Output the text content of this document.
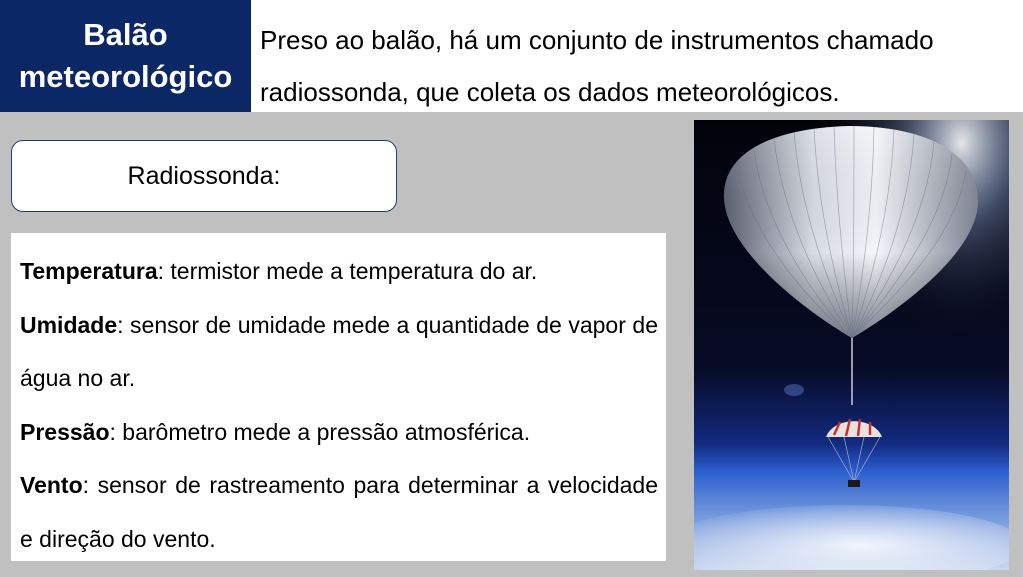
Balão
meteorológico
Preso ao balão, há um conjunto de instrumentos chamado
radiossonda, que coleta os dados meteorológicos.
Radiossonda:

Temperatura: termistor mede a temperatura do ar.

Umidade: sensor de umidade mede a quantidade de vapor de água no ar.

Pressão: barômetro mede a pressão atmosférica.

Vento: sensor de rastreamento para determinar a velocidade e direção do vento.
